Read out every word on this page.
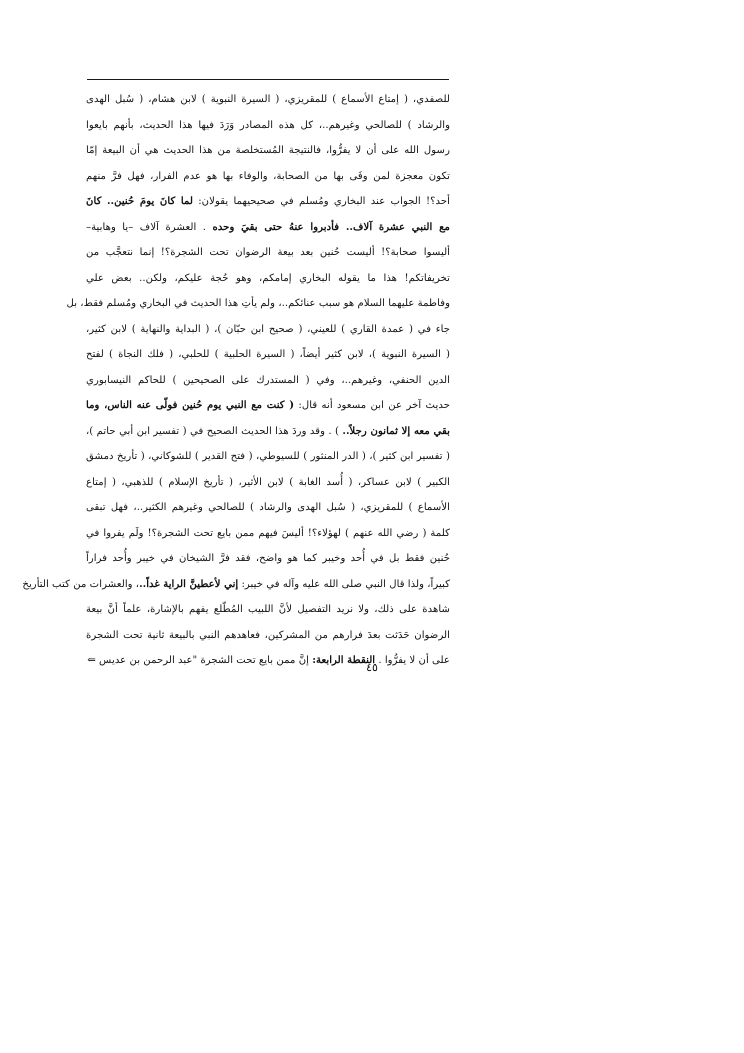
للصفدي، ( إمتاع الأسماع ) للمقريزي، ( السيرة النبوية ) لابن هشام، ( سُبل الهدى
والرشاد ) للصالحي وغيرهم..، كل هذه المصادر وَرَدَ فيها هذا الحديث، بأنهم بايعوا
رسول الله على أن لا يفرُّوا، فالنتيجة المُستخلصة من هذا الحديث هي أن البيعة إمّا
تكون معجزة لمن وفَى بها من الصحابة، والوفاء بها هو عدم الفرار، فهل فرَّ منهم
أحد؟! الجواب عند البخاري ومُسلم في صحيحيهما يقولان: لما كانَ يومَ حُنين.. كانَ
مع النبي عشرة آلاف.. فأدبروا عنهُ حتى بقيَ وحده . العشرة آلاف –يا وهابية–
أليسوا صحابة؟! أليست حُنين بعد بيعة الرضوان تحت الشجرة؟! إنما نتعجَّب من
تخريفاتكم! هذا ما يقوله البخاري إمامكم، وهو حُجة عليكم، ولكن.. بعض علي
وفاطمة عليهما السلام هو سبب عنائكم..، ولم يأتِ هذا الحديث في البخاري ومُسلم فقط، بل
جاء في ( عمدة القاري ) للعيني، ( صحيح ابن حبّان )، ( البداية والنهاية ) لابن كثير،
( السيرة النبوية )، لابن كثير أيضاً، ( السيرة الحلبية ) للحلبي، ( فلك النجاة ) لفتح
الدين الحنفي، وغيرهم..، وفي ( المستدرك على الصحيحين ) للحاكم النيسابوري
حديث آخر عن ابن مسعود أنه قال: ( كنت مع النبي يوم حُنين فولّى عنه الناس، وما
بقي معه إلا ثمانون رجلاً.. ) . وقد وردَ هذا الحديث الصحيح في ( تفسير ابن أبي حاتم )،
( تفسير ابن كثير )، ( الدر المنثور ) للسيوطي، ( فتح القدير ) للشوكاني، ( تأريخ دمشق
الكبير ) لابن عساكر، ( أُسد الغابة ) لابن الأثير، ( تأريخ الإسلام ) للذهبي، ( إمتاع
الأسماع ) للمقريزي، ( سُبل الهدى والرشاد ) للصالحي وغيرهم الكثير..، فهل تبقى
كلمة ( رضي الله عنهم ) لهؤلاء؟! أليسَ فيهم ممن بايع تحت الشجرة؟! ولَم يفروا في
حُنين فقط بل في أُحد وخيبر كما هو واضح، فقد فرَّ الشيخان في خيبر وأُحد فراراً
كبيراً، ولذا قال النبي صلى الله عليه وآله في خيبر: إني لأعطينَّ الراية غداً..، والعشرات من كتب التأريخ
شاهدة على ذلك، ولا نريد التفصيل لأنَّ اللبيب المُطّلع يفهم بالإشارة، علماً أنَّ بيعة
الرضوان حَدَثت بعدَ فرارهم من المشركين، فعاهدهم النبي بالبيعة ثانية تحت الشجرة
على أن لا يفرُّوا . النقطة الرابعة: إنَّ ممن بايع تحت الشجرة "عبد الرحمن بن عديس ⇐
٤٥
